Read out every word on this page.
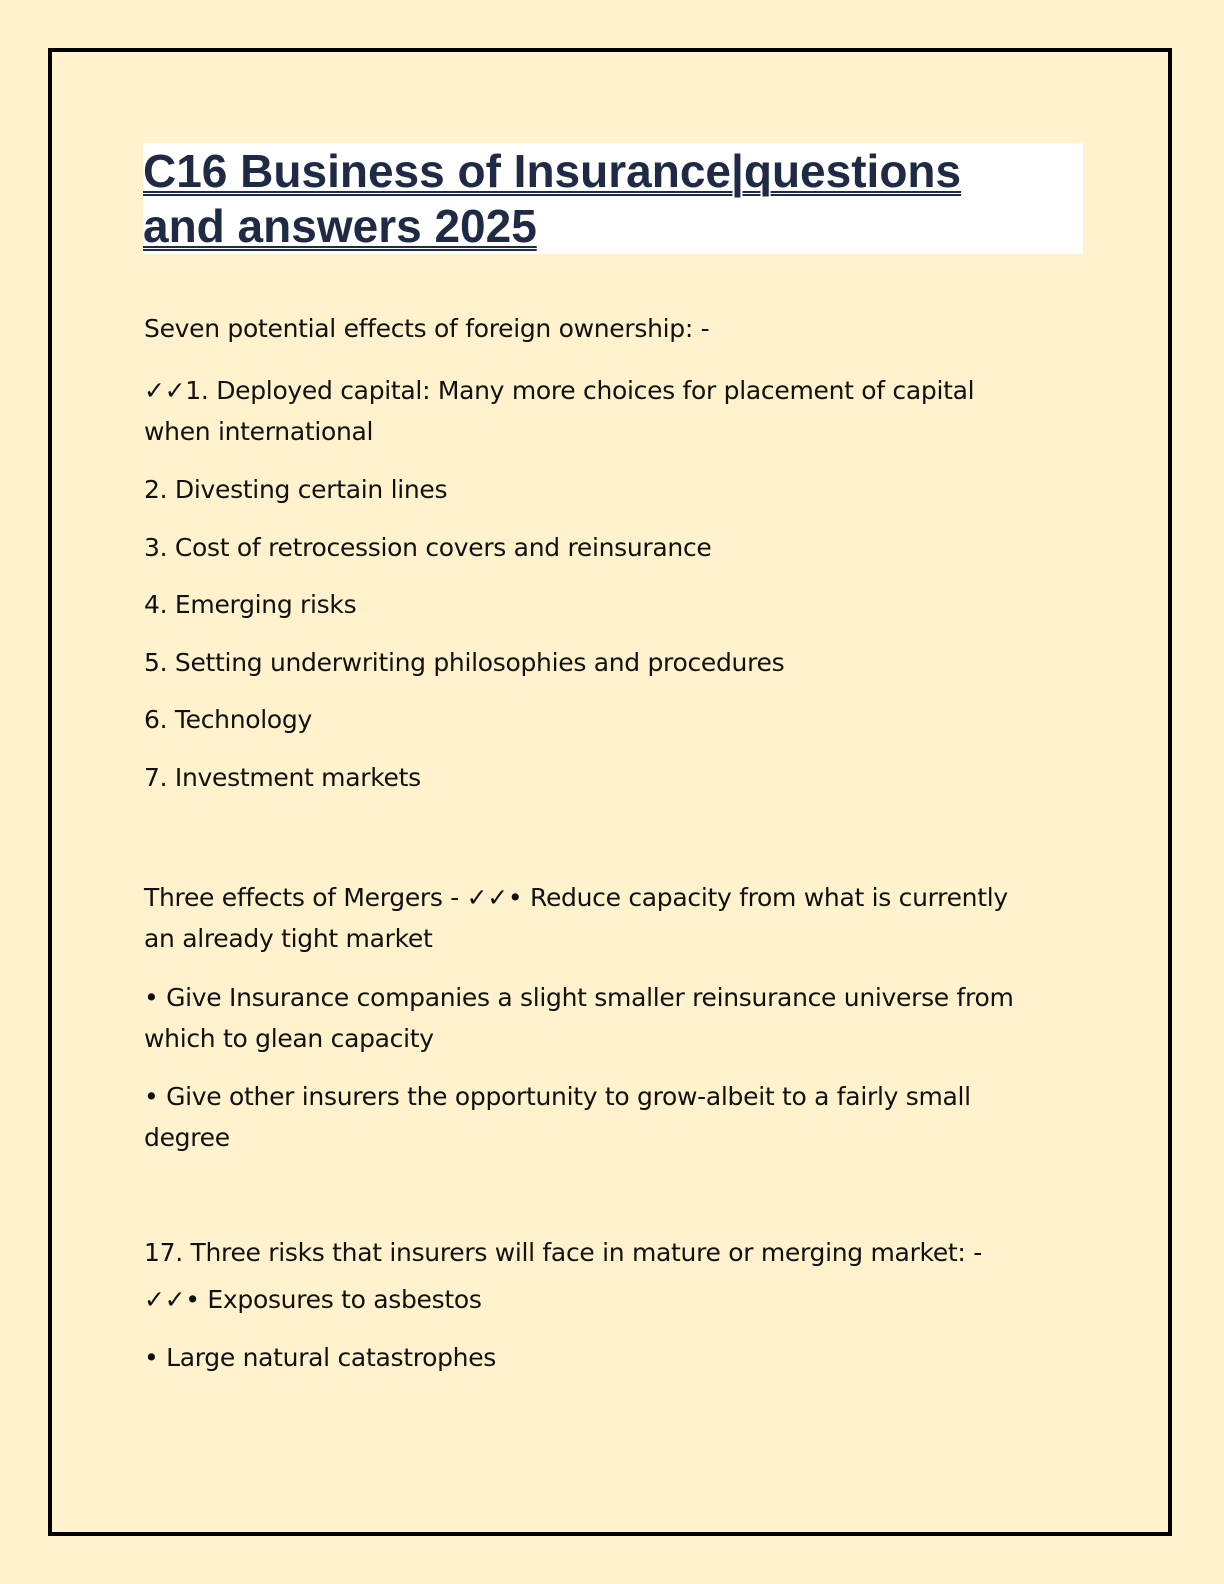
C16 Business of Insurance|questions
and answers 2025

Seven potential effects of foreign ownership: -

✓✓1. Deployed capital: Many more choices for placement of capital

when international

2. Divesting certain lines

3. Cost of retrocession covers and reinsurance

4. Emerging risks

5. Setting underwriting philosophies and procedures

6. Technology

7. Investment markets

Three effects of Mergers - ✓✓• Reduce capacity from what is currently

an already tight market

• Give Insurance companies a slight smaller reinsurance universe from

which to glean capacity

• Give other insurers the opportunity to grow-albeit to a fairly small

degree

17. Three risks that insurers will face in mature or merging market: -

✓✓• Exposures to asbestos

• Large natural catastrophes
